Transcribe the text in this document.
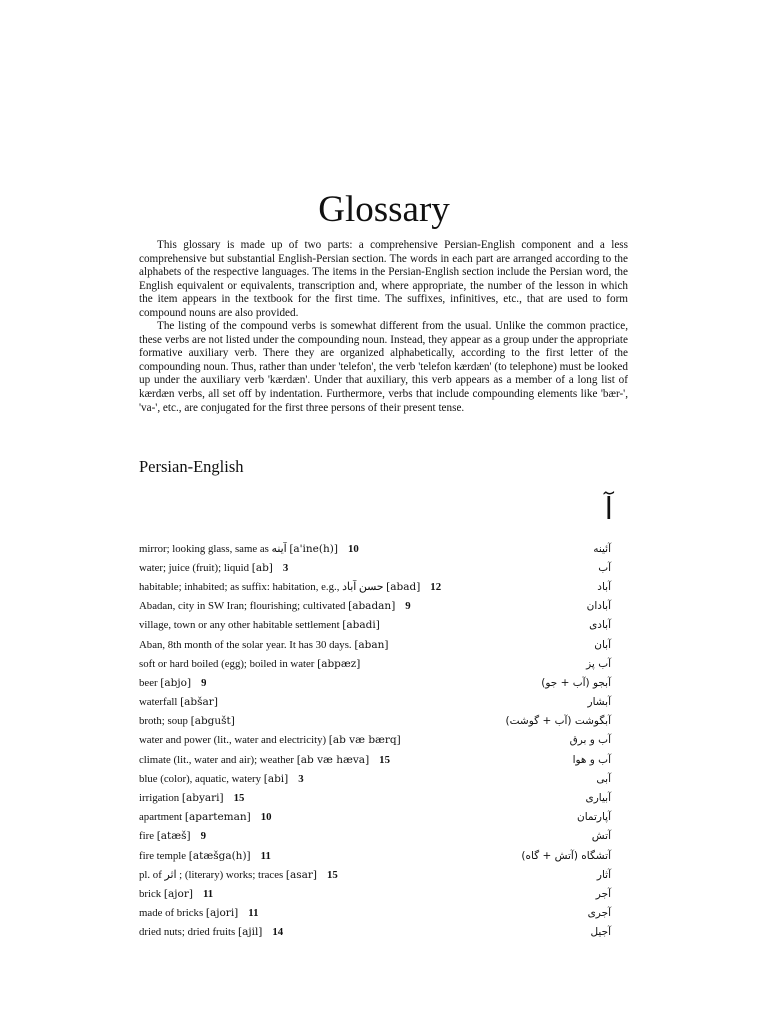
Glossary

This glossary is made up of two parts: a comprehensive Persian-English component and a less comprehensive but substantial English-Persian section. The words in each part are arranged according to the alphabets of the respective languages. The items in the Persian-English section include the Persian word, the English equivalent or equivalents, transcription and, where appropriate, the number of the lesson in which the item appears in the textbook for the first time. The suffixes, infinitives, etc., that are used to form compound nouns are also provided.

The listing of the compound verbs is somewhat different from the usual. Unlike the common practice, these verbs are not listed under the compounding noun. Instead, they appear as a group under the appropriate formative auxiliary verb. There they are organized alphabetically, according to the first letter of the compounding noun. Thus, rather than under 'telefon', the verb 'telefon kærdæn' (to telephone) must be looked up under the auxiliary verb 'kærdæn'. Under that auxiliary, this verb appears as a member of a long list of kærdæn verbs, all set off by indentation. Furthermore, verbs that include compounding elements like 'bær-', 'va-', etc., are conjugated for the first three persons of their present tense.

Persian-English
آ
mirror; looking glass, same as آینه [a'ine(h)] 10	آئینه
water; juice (fruit); liquid [ab] 3	آب
habitable; inhabited; as suffix: habitation, e.g., حسن آباد [abad] 12	آباد
Abadan, city in SW Iran; flourishing; cultivated [abadan] 9	آبادان
village, town or any other habitable settlement [abadi]	آبادی
Aban, 8th month of the solar year. It has 30 days. [aban]	آبان
soft or hard boiled (egg); boiled in water [abpæz]	آب پز
beer [abjo] 9	آبجو (آب + جو)
waterfall [abšar]	آبشار
broth; soup [abgušt]	آبگوشت (آب + گوشت)
water and power (lit., water and electricity) [ab væ bærq]	آب و برق
climate (lit., water and air); weather [ab væ hæva] 15	آب و هوا
blue (color), aquatic, watery [abi] 3	آبی
irrigation [abyari] 15	آبیاری
apartment [aparteman] 10	آپارتمان
fire [atæš] 9	آتش
fire temple [atæšga(h)] 11	آتشگاه (آتش + گاه)
pl. of اثر ; (literary) works; traces [asar] 15	آثار
brick [ajor] 11	آجر
made of bricks [ajori] 11	آجری
dried nuts; dried fruits [ajil] 14	آجیل
